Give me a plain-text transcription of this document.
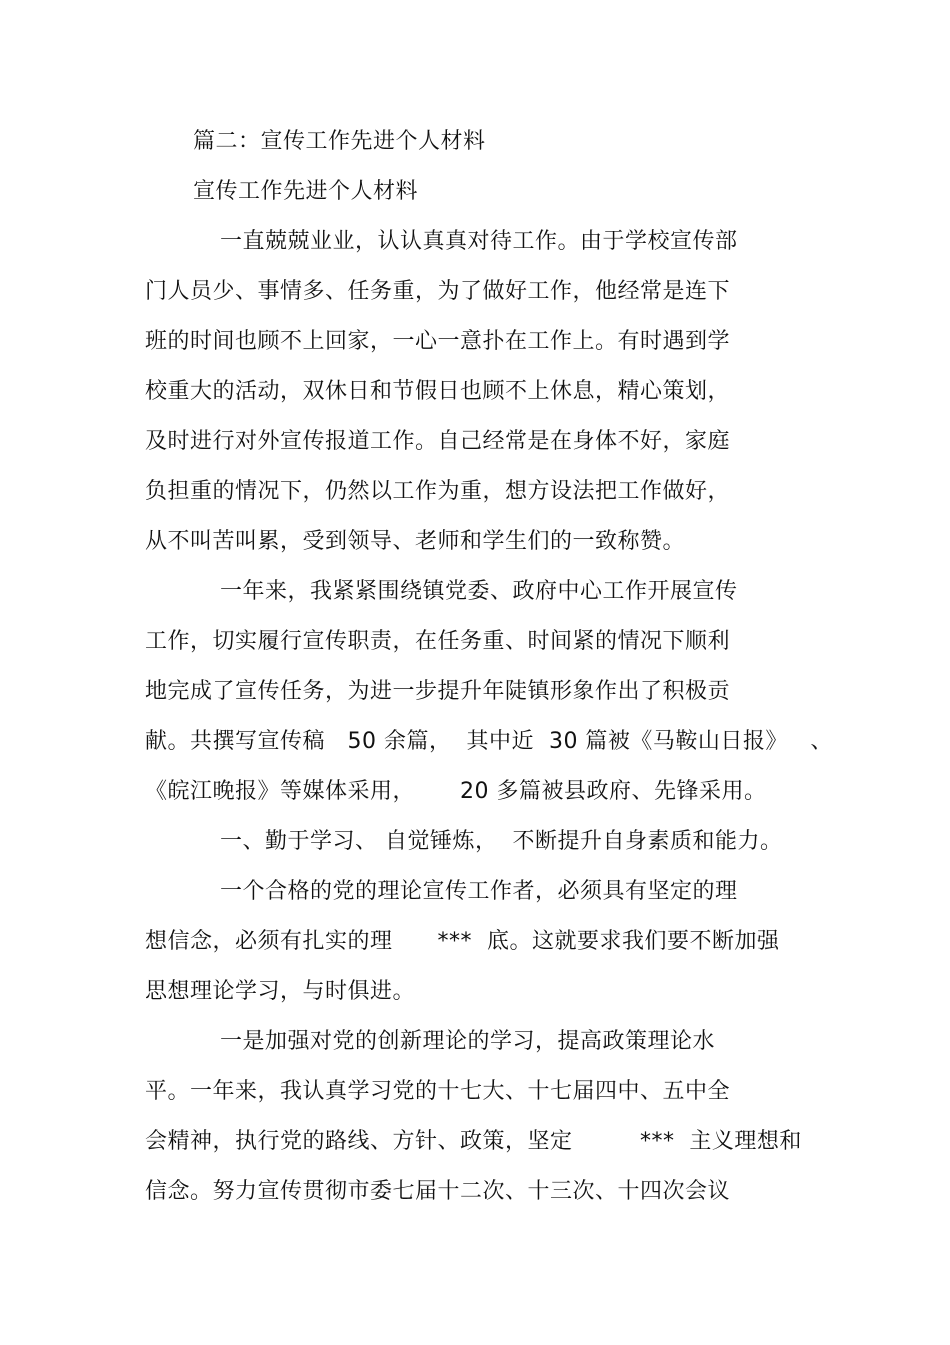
篇二：宣传工作先进个人材料
宣传工作先进个人材料
一直兢兢业业，认认真真对待工作。由于学校宣传部
门人员少、事情多、任务重，为了做好工作，他经常是连下
班的时间也顾不上回家，一心一意扑在工作上。有时遇到学
校重大的活动，双休日和节假日也顾不上休息，精心策划，
及时进行对外宣传报道工作。自己经常是在身体不好，家庭
负担重的情况下，仍然以工作为重，想方设法把工作做好，
从不叫苦叫累，受到领导、老师和学生们的一致称赞。
一年来，我紧紧围绕镇党委、政府中心工作开展宣传
工作，切实履行宣传职责，在任务重、时间紧的情况下顺利
地完成了宣传任务，为进一步提升年陡镇形象作出了积极贡
献。共撰写宣传稿   50 余篇，  其中近  30 篇被《马鞍山日报》   、
《皖江晚报》等媒体采用，      20 多篇被县政府、先锋采用。
一、勤于学习、 自觉锤炼，  不断提升自身素质和能力。
一个合格的党的理论宣传工作者，必须具有坚定的理
想信念，必须有扎实的理      ***  底。这就要求我们要不断加强
思想理论学习，与时俱进。
一是加强对党的创新理论的学习，提高政策理论水
平。一年来，我认真学习党的十七大、十七届四中、五中全
会精神，执行党的路线、方针、政策，坚定         ***  主义理想和
信念。努力宣传贯彻市委七届十二次、十三次、十四次会议
